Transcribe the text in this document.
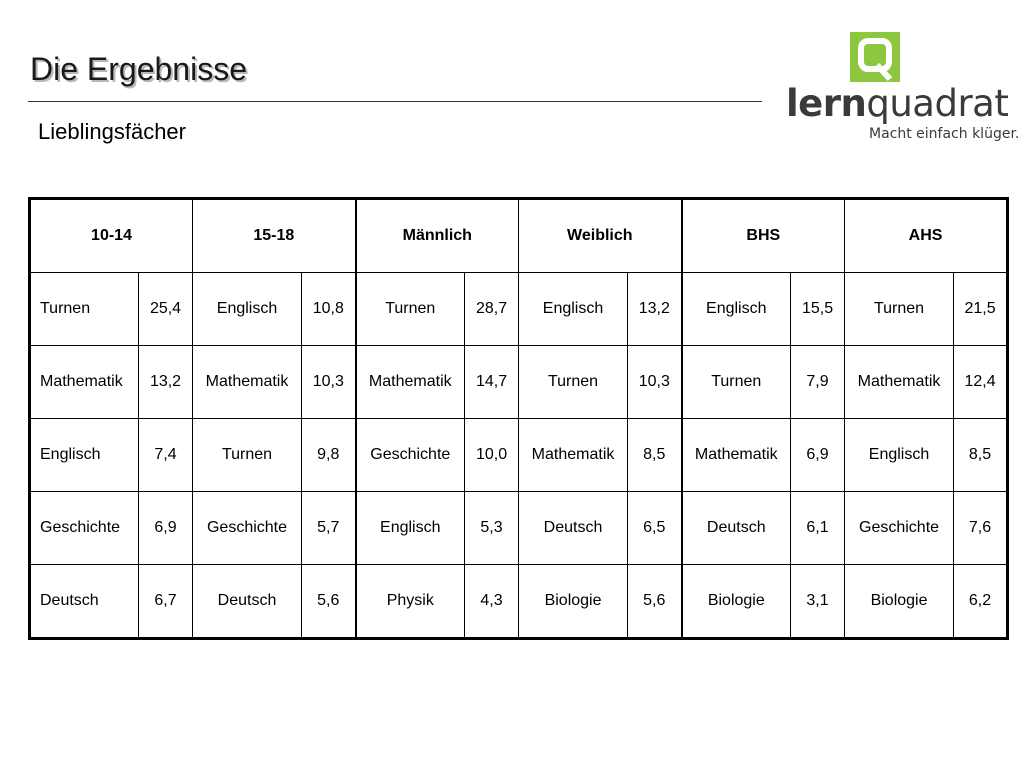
Die Ergebnisse
Lieblingsfächer
lernquadrat
Macht einfach klüger.
10-14		15-18		Männlich		Weiblich		BHS		AHS	
Turnen	25,4	Englisch	10,8	Turnen	28,7	Englisch	13,2	Englisch	15,5	Turnen	21,5
Mathematik	13,2	Mathematik	10,3	Mathematik	14,7	Turnen	10,3	Turnen	7,9	Mathematik	12,4
Englisch	7,4	Turnen	9,8	Geschichte	10,0	Mathematik	8,5	Mathematik	6,9	Englisch	8,5
Geschichte	6,9	Geschichte	5,7	Englisch	5,3	Deutsch	6,5	Deutsch	6,1	Geschichte	7,6
Deutsch	6,7	Deutsch	5,6	Physik	4,3	Biologie	5,6	Biologie	3,1	Biologie	6,2
